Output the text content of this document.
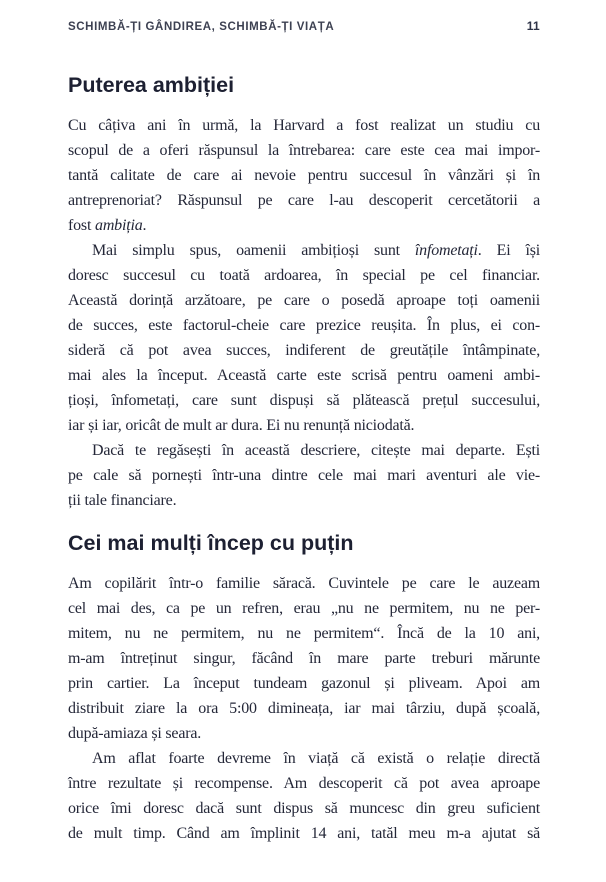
SCHIMBĂ-ȚI GÂNDIREA, SCHIMBĂ-ȚI VIAȚA	11
Puterea ambiției
Cu câțiva ani în urmă, la Harvard a fost realizat un studiu cu
scopul de a oferi răspunsul la întrebarea: care este cea mai impor-
tantă calitate de care ai nevoie pentru succesul în vânzări și în
antreprenoriat? Răspunsul pe care l-au descoperit cercetătorii a
fost ambiția.
Mai simplu spus, oamenii ambițioși sunt înfometați. Ei își
doresc succesul cu toată ardoarea, în special pe cel financiar.
Această dorință arzătoare, pe care o posedă aproape toți oamenii
de succes, este factorul-cheie care prezice reușita. În plus, ei con-
sideră că pot avea succes, indiferent de greutățile întâmpinate,
mai ales la început. Această carte este scrisă pentru oameni ambi-
țioși, înfometați, care sunt dispuși să plătească prețul succesului,
iar și iar, oricât de mult ar dura. Ei nu renunță niciodată.
Dacă te regăsești în această descriere, citește mai departe. Ești
pe cale să pornești într-una dintre cele mai mari aventuri ale vie-
ții tale financiare.
Cei mai mulți încep cu puțin
Am copilărit într-o familie săracă. Cuvintele pe care le auzeam
cel mai des, ca pe un refren, erau „nu ne permitem, nu ne per-
mitem, nu ne permitem, nu ne permitem“. Încă de la 10 ani,
m-am întreținut singur, făcând în mare parte treburi mărunte
prin cartier. La început tundeam gazonul și pliveam. Apoi am
distribuit ziare la ora 5:00 dimineața, iar mai târziu, după școală,
după-amiaza și seara.
Am aflat foarte devreme în viață că există o relație directă
între rezultate și recompense. Am descoperit că pot avea aproape
orice îmi doresc dacă sunt dispus să muncesc din greu suficient
de mult timp. Când am împlinit 14 ani, tatăl meu m-a ajutat să
